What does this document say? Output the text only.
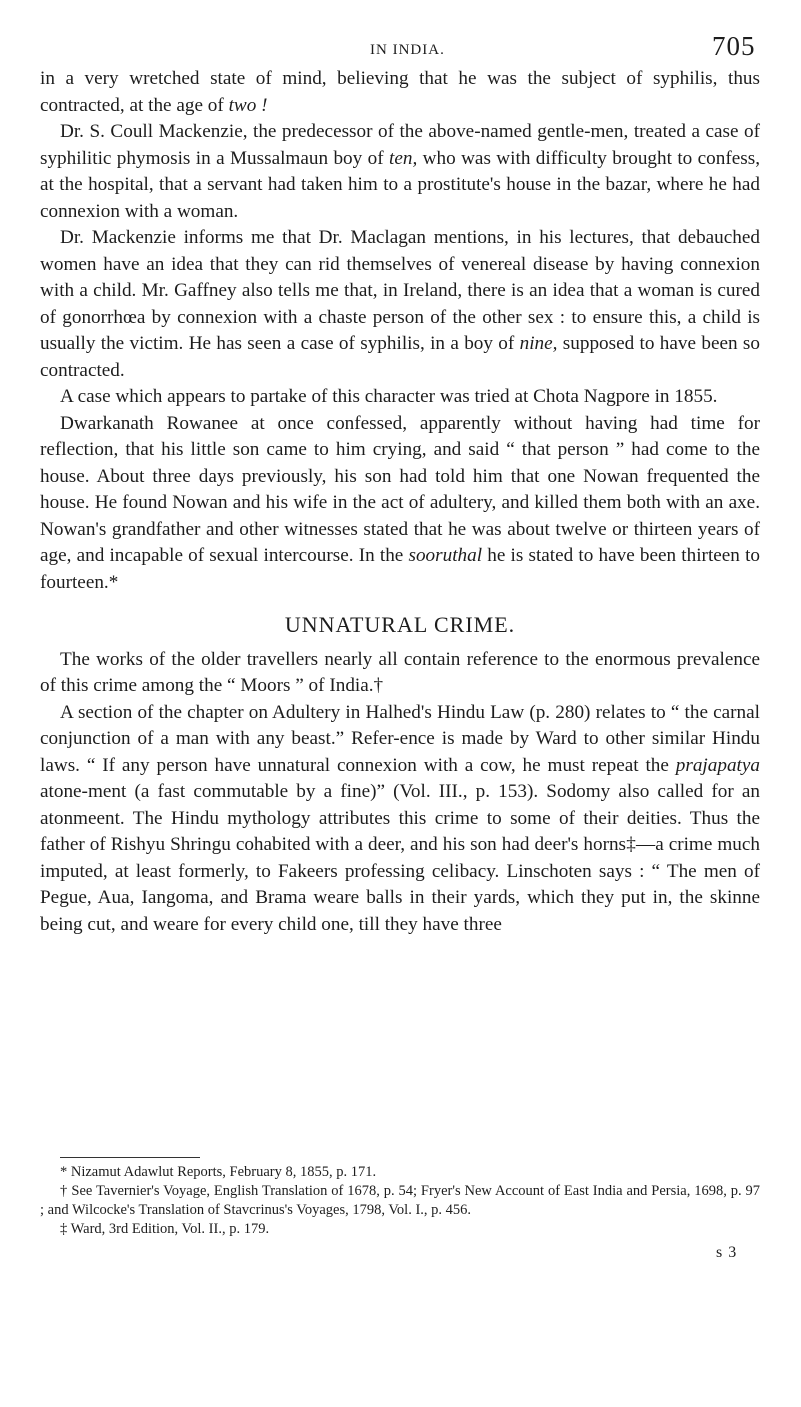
IN INDIA.	705

in a very wretched state of mind, believing that he was the subject of syphilis, thus contracted, at the age of two !

Dr. S. Coull Mackenzie, the predecessor of the above-named gentle-men, treated a case of syphilitic phymosis in a Mussalmaun boy of ten, who was with difficulty brought to confess, at the hospital, that a servant had taken him to a prostitute's house in the bazar, where he had connexion with a woman.

Dr. Mackenzie informs me that Dr. Maclagan mentions, in his lectures, that debauched women have an idea that they can rid themselves of venereal disease by having connexion with a child. Mr. Gaffney also tells me that, in Ireland, there is an idea that a woman is cured of gonorrhœa by connexion with a chaste person of the other sex : to ensure this, a child is usually the victim. He has seen a case of syphilis, in a boy of nine, supposed to have been so contracted.

A case which appears to partake of this character was tried at Chota Nagpore in 1855.

Dwarkanath Rowanee at once confessed, apparently without having had time for reflection, that his little son came to him crying, and said “ that person ” had come to the house. About three days previously, his son had told him that one Nowan frequented the house. He found Nowan and his wife in the act of adultery, and killed them both with an axe. Nowan's grandfather and other witnesses stated that he was about twelve or thirteen years of age, and incapable of sexual intercourse. In the sooruthal he is stated to have been thirteen to fourteen.*

UNNATURAL CRIME.

The works of the older travellers nearly all contain reference to the enormous prevalence of this crime among the “ Moors ” of India.†

A section of the chapter on Adultery in Halhed's Hindu Law (p. 280) relates to “ the carnal conjunction of a man with any beast.” Refer-ence is made by Ward to other similar Hindu laws. “ If any person have unnatural connexion with a cow, he must repeat the prajapatya atone-ment (a fast commutable by a fine)” (Vol. III., p. 153). Sodomy also called for an atonmeent. The Hindu mythology attributes this crime to some of their deities. Thus the father of Rishyu Shringu cohabited with a deer, and his son had deer's horns‡—a crime much imputed, at least formerly, to Fakeers professing celibacy. Linschoten says : “ The men of Pegue, Aua, Iangoma, and Brama weare balls in their yards, which they put in, the skinne being cut, and weare for every child one, till they have three

* Nizamut Adawlut Reports, February 8, 1855, p. 171.

† See Tavernier's Voyage, English Translation of 1678, p. 54; Fryer's New Account of East India and Persia, 1698, p. 97 ; and Wilcocke's Translation of Stavcrinus's Voyages, 1798, Vol. I., p. 456.

‡ Ward, 3rd Edition, Vol. II., p. 179.

s 3
